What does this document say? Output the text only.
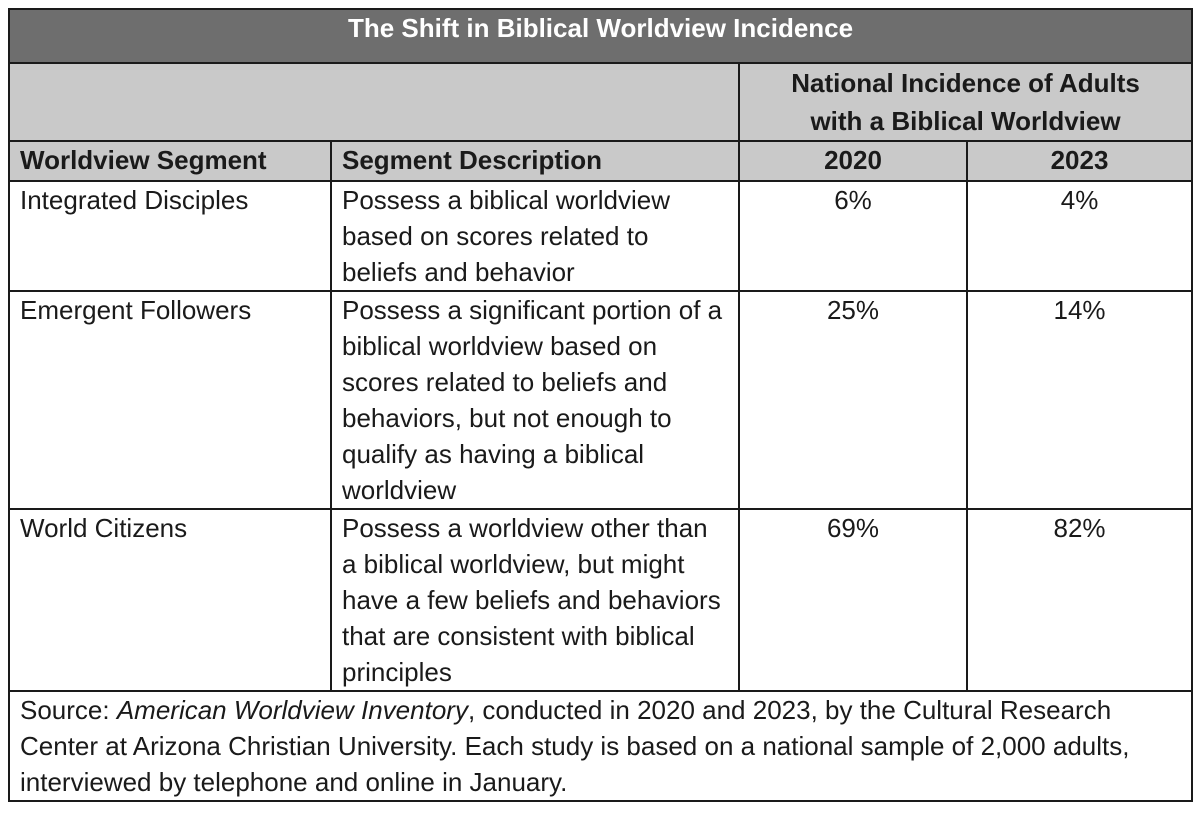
The Shift in Biblical Worldview Incidence			
		National Incidence of Adults
with a Biblical Worldview	
Worldview Segment	Segment Description	2020	2023
Integrated Disciples	Possess a biblical worldview based on scores related to beliefs and behavior	6%	4%
Emergent Followers	Possess a significant portion of a biblical worldview based on scores related to beliefs and behaviors, but not enough to qualify as having a biblical worldview	25%	14%
World Citizens	Possess a worldview other than a biblical worldview, but might have a few beliefs and behaviors that are consistent with biblical principles	69%	82%
Source: American Worldview Inventory, conducted in 2020 and 2023, by the Cultural Research Center at Arizona Christian University. Each study is based on a national sample of 2,000 adults, interviewed by telephone and online in January.			
